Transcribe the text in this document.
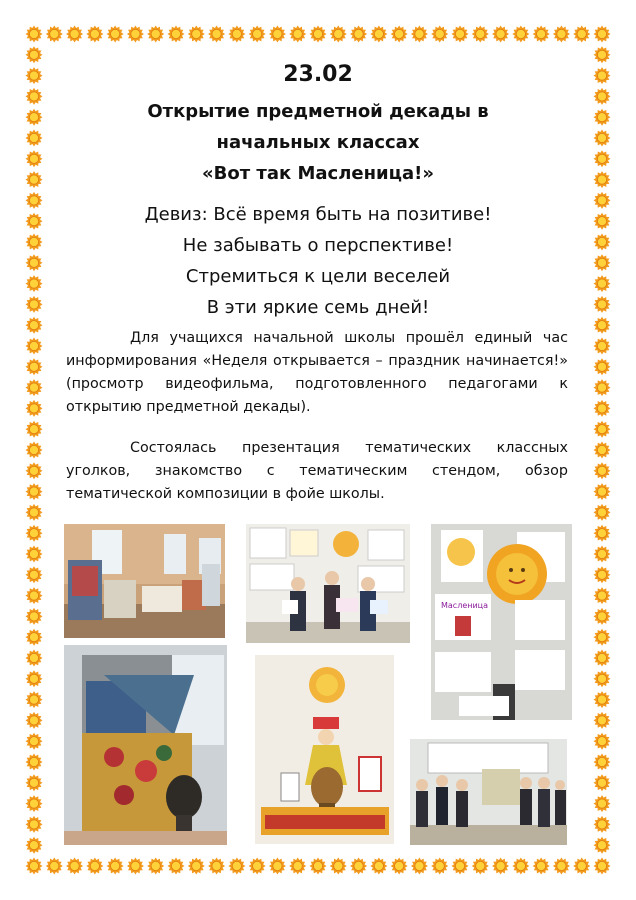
23.02
Открытие предметной декады в
начальных классах
«Вот так Масленица!»
Девиз: Всё время быть на позитиве!
Не забывать о перспективе!
Стремиться к цели веселей
В эти яркие семь дней!
Для учащихся начальной школы прошёл единый час информирования «Неделя открывается – праздник начинается!» (просмотр видеофильма, подготовленного педагогами к открытию предметной декады).
Состоялась презентация тематических классных уголков, знакомство с тематическим стендом, обзор тематической композиции в фойе школы.
Масленица
